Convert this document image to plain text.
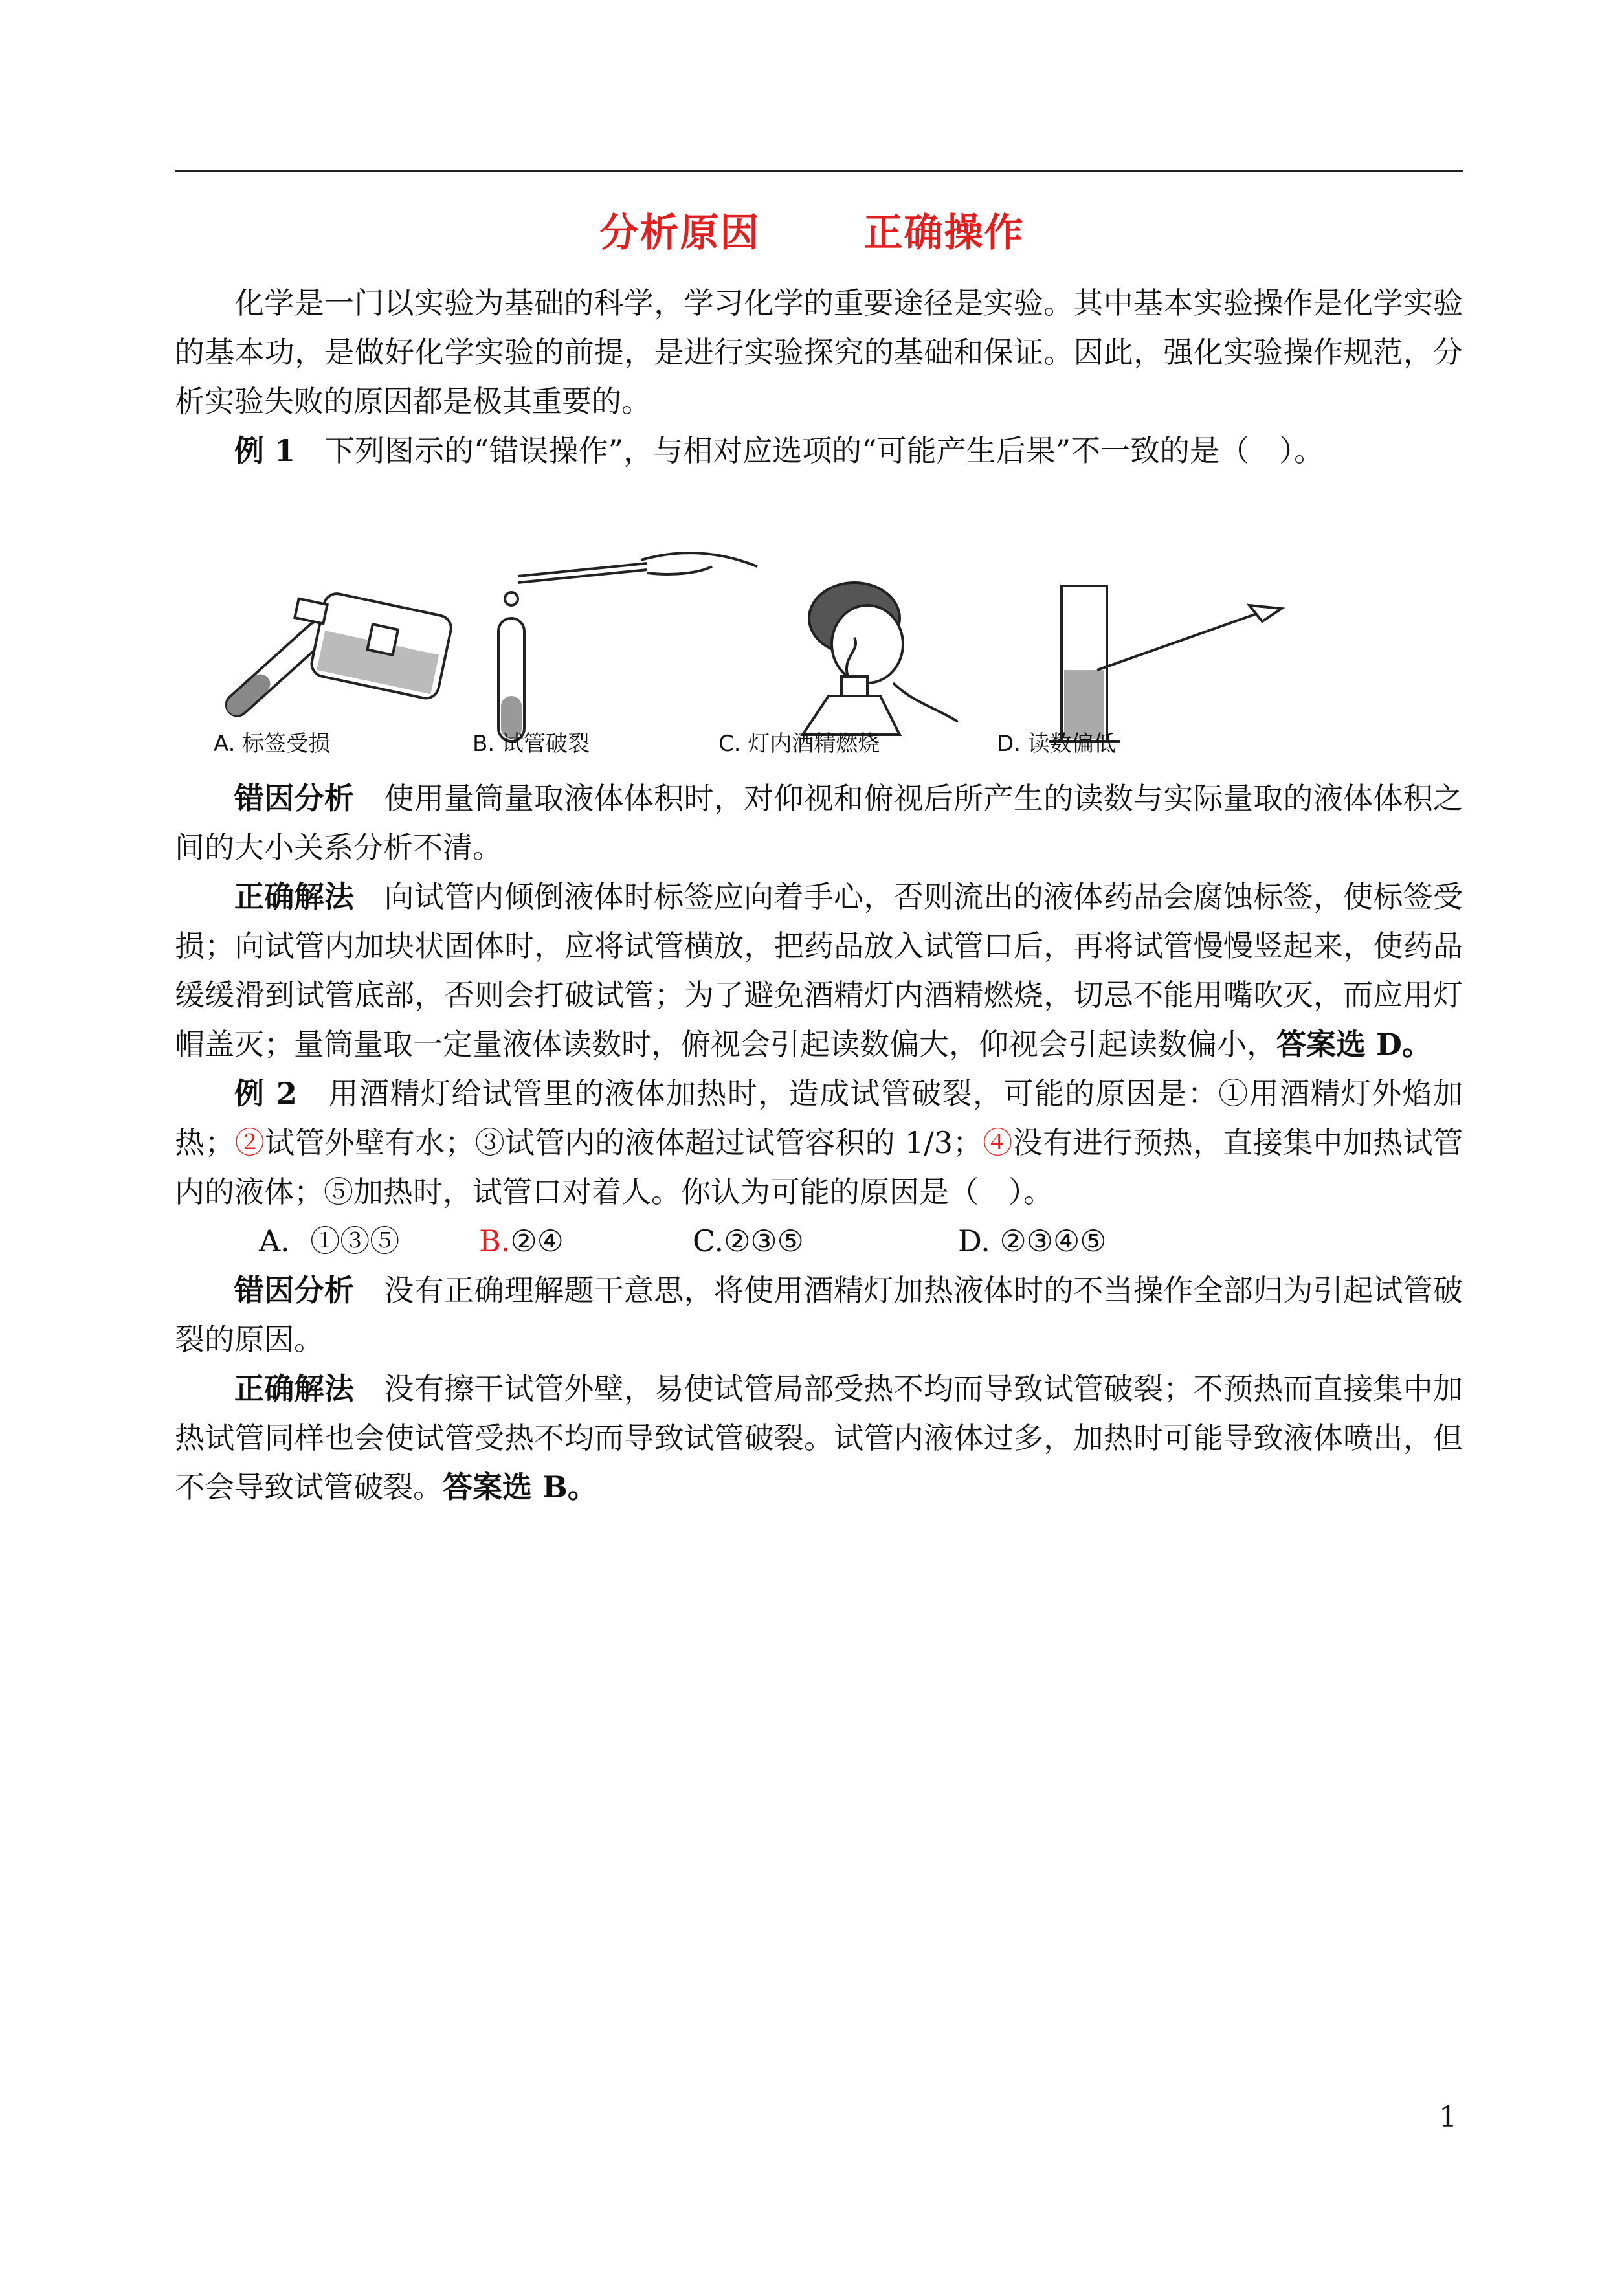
分析原因	正确操作

化学是一门以实验为基础的科学，学习化学的重要途径是实验。其中基本实验操作是化学实验的基本功，是做好化学实验的前提，是进行实验探究的基础和保证。因此，强化实验操作规范，分析实验失败的原因都是极其重要的。

例 1　 下列图示的“错误操作”，与相对应选项的“可能产生后果”不一致的是（　）。

A. 标签受损	B. 试管破裂	C. 灯内酒精燃烧	D. 读数偏低

错因分析　 使用量筒量取液体体积时，对仰视和俯视后所产生的读数与实际量取的液体体积之间的大小关系分析不清。

正确解法　 向试管内倾倒液体时标签应向着手心，否则流出的液体药品会腐蚀标签，使标签受损；向试管内加块状固体时，应将试管横放，把药品放入试管口后，再将试管慢慢竖起来，使药品缓缓滑到试管底部，否则会打破试管；为了避免酒精灯内酒精燃烧，切忌不能用嘴吹灭，而应用灯帽盖灭；量筒量取一定量液体读数时，俯视会引起读数偏大，仰视会引起读数偏小，答案选 D。

例 2　 用酒精灯给试管里的液体加热时，造成试管破裂，可能的原因是：①用酒精灯外焰加热；②试管外壁有水；③试管内的液体超过试管容积的 1/3；④没有进行预热，直接集中加热试管内的液体；⑤加热时，试管口对着人。你认为可能的原因是（　）。

A．①③⑤	B.②④	C.②③⑤	D. ②③④⑤

错因分析　 没有正确理解题干意思，将使用酒精灯加热液体时的不当操作全部归为引起试管破裂的原因。

正确解法　 没有擦干试管外壁，易使试管局部受热不均而导致试管破裂；不预热而直接集中加热试管同样也会使试管受热不均而导致试管破裂。试管内液体过多，加热时可能导致液体喷出，但不会导致试管破裂。答案选 B。

1
